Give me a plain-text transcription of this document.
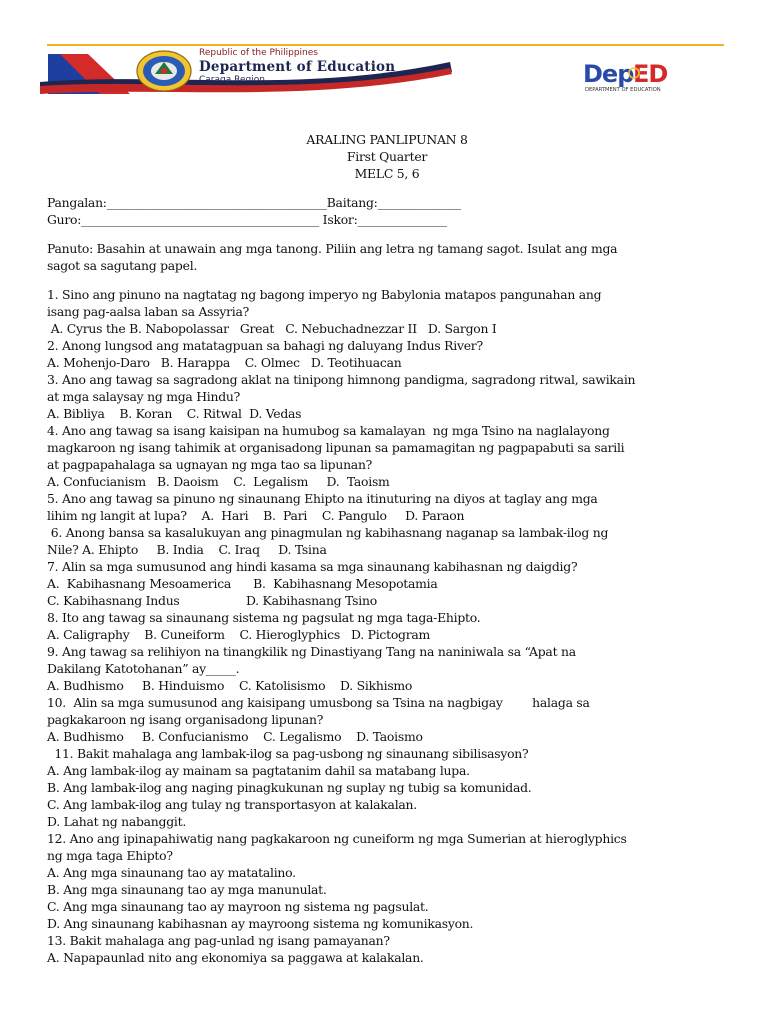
Republic of the Philippines
Department of Education
Caraga Region	Dep ED
DEPARTMENT OF EDUCATION
ARALING PANLIPUNAN 8
First Quarter
MELC 5, 6
Pangalan:_____________________________________Baitang:______________
Guro:________________________________________ Iskor:_______________
Panuto: Basahin at unawain ang mga tanong. Piliin ang letra ng tamang sagot. Isulat ang mga
sagot sa sagutang papel.
1. Sino ang pinuno na nagtatag ng bagong imperyo ng Babylonia matapos pangunahan ang
isang pag-aalsa laban sa Assyria?
A. Cyrus the B. Nabopolassar   Great   C. Nebuchadnezzar II   D. Sargon I
2. Anong lungsod ang matatagpuan sa bahagi ng daluyang Indus River?
A. Mohenjo-Daro   B. Harappa    C. Olmec   D. Teotihuacan
3. Ano ang tawag sa sagradong aklat na tinipong himnong pandigma, sagradong ritwal, sawikain
at mga salaysay ng mga Hindu?
A. Bibliya    B. Koran    C. Ritwal  D. Vedas
4. Ano ang tawag sa isang kaisipan na humubog sa kamalayan  ng mga Tsino na naglalayong
magkaroon ng isang tahimik at organisadong lipunan sa pamamagitan ng pagpapabuti sa sarili
at pagpapahalaga sa ugnayan ng mga tao sa lipunan?
A. Confucianism   B. Daoism    C.  Legalism     D.  Taoism
5. Ano ang tawag sa pinuno ng sinaunang Ehipto na itinuturing na diyos at taglay ang mga
lihim ng langit at lupa?    A.  Hari    B.  Pari    C. Pangulo     D. Paraon
6. Anong bansa sa kasalukuyan ang pinagmulan ng kabihasnang naganap sa lambak-ilog ng
Nile? A. Ehipto     B. India    C. Iraq     D. Tsina
7. Alin sa mga sumusunod ang hindi kasama sa mga sinaunang kabihasnan ng daigdig?
A.  Kabihasnang Mesoamerica      B.  Kabihasnang Mesopotamia
C. Kabihasnang Indus                  D. Kabihasnang Tsino
8. Ito ang tawag sa sinaunang sistema ng pagsulat ng mga taga-Ehipto.
A. Caligraphy    B. Cuneiform    C. Hieroglyphics   D. Pictogram
9. Ang tawag sa relihiyon na tinangkilik ng Dinastiyang Tang na naniniwala sa “Apat na
Dakilang Katotohanan” ay_____.
A. Budhismo     B. Hinduismo    C. Katolisismo    D. Sikhismo
10.  Alin sa mga sumusunod ang kaisipang umusbong sa Tsina na nagbigay        halaga sa
pagkakaroon ng isang organisadong lipunan?
A. Budhismo     B. Confucianismo    C. Legalismo    D. Taoismo
11. Bakit mahalaga ang lambak-ilog sa pag-usbong ng sinaunang sibilisasyon?
A. Ang lambak-ilog ay mainam sa pagtatanim dahil sa matabang lupa.
B. Ang lambak-ilog ang naging pinagkukunan ng suplay ng tubig sa komunidad.
C. Ang lambak-ilog ang tulay ng transportasyon at kalakalan.
D. Lahat ng nabanggit.
12. Ano ang ipinapahiwatig nang pagkakaroon ng cuneiform ng mga Sumerian at hieroglyphics
ng mga taga Ehipto?
A. Ang mga sinaunang tao ay matatalino.
B. Ang mga sinaunang tao ay mga manunulat.
C. Ang mga sinaunang tao ay mayroon ng sistema ng pagsulat.
D. Ang sinaunang kabihasnan ay mayroong sistema ng komunikasyon.
13. Bakit mahalaga ang pag-unlad ng isang pamayanan?
A. Napapaunlad nito ang ekonomiya sa paggawa at kalakalan.
